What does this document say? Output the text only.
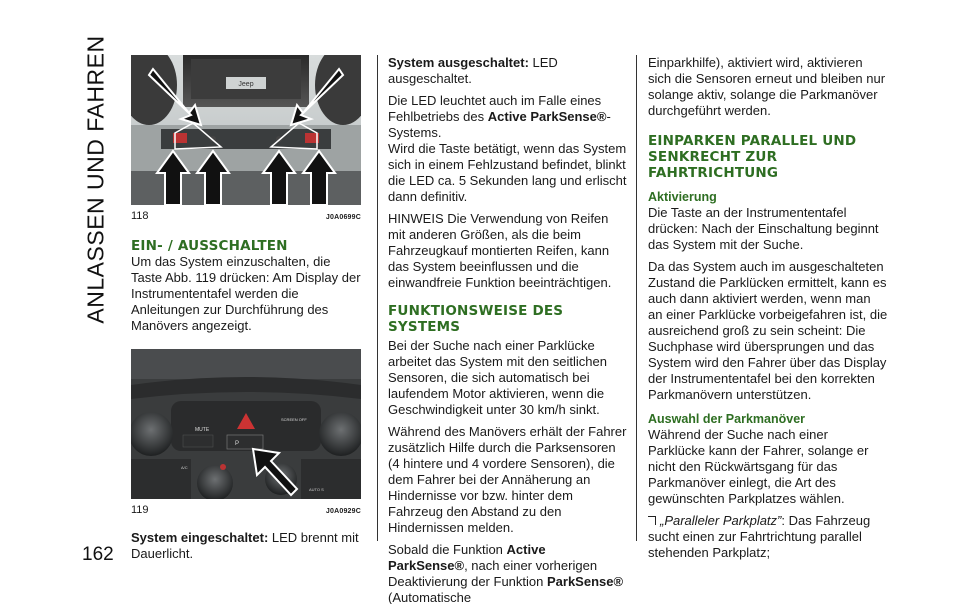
ANLASSEN UND FAHREN
162
Jeep
118	J0A0699C
EIN- / AUSSCHALTEN

Um das System einzuschalten, die Taste Abb. 119 drücken: Am Display der Instrumententafel werden die Anleitungen zur Durchführung des Manövers angezeigt.

MUTE
SCREEN OFF
P
A/C
AUTO S
119	J0A0929C

System eingeschaltet: LED brennt mit Dauerlicht.

System ausgeschaltet: LED ausgeschaltet.

Die LED leuchtet auch im Falle eines Fehlbetriebs des Active ParkSense®-Systems.
Wird die Taste betätigt, wenn das System sich in einem Fehlzustand befindet, blinkt die LED ca. 5 Sekunden lang und erlischt dann definitiv.

HINWEIS Die Verwendung von Reifen mit anderen Größen, als die beim Fahrzeugkauf montierten Reifen, kann das System beeinflussen und die einwandfreie Funktion beeinträchtigen.

FUNKTIONSWEISE DES SYSTEMS

Bei der Suche nach einer Parklücke arbeitet das System mit den seitlichen Sensoren, die sich automatisch bei laufendem Motor aktivieren, wenn die Geschwindigkeit unter 30 km/h sinkt.

Während des Manövers erhält der Fahrer zusätzlich Hilfe durch die Parksensoren (4 hintere und 4 vordere Sensoren), die dem Fahrer bei der Annäherung an Hindernisse vor bzw. hinter dem Fahrzeug den Abstand zu den Hindernissen melden.

Sobald die Funktion Active ParkSense®, nach einer vorherigen Deaktivierung der Funktion ParkSense® (Automatische

Einparkhilfe), aktiviert wird, aktivieren sich die Sensoren erneut und bleiben nur solange aktiv, solange die Parkmanöver durchgeführt werden.

EINPARKEN PARALLEL UND SENKRECHT ZUR FAHRTRICHTUNG
Aktivierung

Die Taste an der Instrumententafel drücken: Nach der Einschaltung beginnt das System mit der Suche.

Da das System auch im ausgeschalteten Zustand die Parklücken ermittelt, kann es auch dann aktiviert werden, wenn man an einer Parklücke vorbeigefahren ist, die ausreichend groß zu sein scheint: Die Suchphase wird übersprungen und das System wird den Fahrer über das Display der Instrumententafel bei den korrekten Parkmanövern unterstützen.

Auswahl der Parkmanöver

Während der Suche nach einer Parklücke kann der Fahrer, solange er nicht den Rückwärtsgang für das Parkmanöver einlegt, die Art des gewünschten Parkplatzes wählen.

„Paralleler Parkplatz”: Das Fahrzeug sucht einen zur Fahrtrichtung parallel stehenden Parkplatz;
